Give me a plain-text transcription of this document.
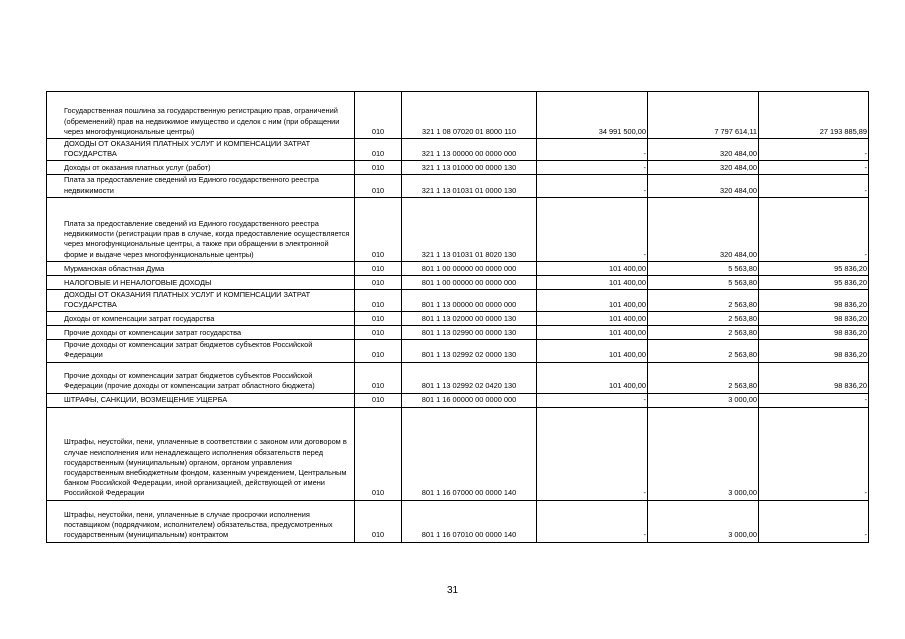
Государственная пошлина за государственную регистрацию прав, ограничений (обременений) прав на недвижимое имущество и сделок с ним (при обращении через многофункциональные центры)	010	321 1 08 07020 01 8000 110	34 991 500,00	7 797 614,11	27 193 885,89
ДОХОДЫ ОТ ОКАЗАНИЯ ПЛАТНЫХ УСЛУГ И КОМПЕНСАЦИИ ЗАТРАТ ГОСУДАРСТВА	010	321 1 13 00000 00 0000 000	-	320 484,00	-
Доходы от оказания платных услуг (работ)	010	321 1 13 01000 00 0000 130	-	320 484,00	-
Плата за предоставление сведений из Единого государственного реестра недвижимости	010	321 1 13 01031 01 0000 130	-	320 484,00	-
Плата за предоставление сведений из Единого государственного реестра недвижимости (регистрации прав в случае, когда предоставление осуществляется через многофункциональные центры, а также при обращении в электронной форме и выдаче через многофункциональные центры)	010	321 1 13 01031 01 8020 130	-	320 484,00	-
Мурманская областная Дума	010	801 1 00 00000 00 0000 000	101 400,00	5 563,80	95 836,20
НАЛОГОВЫЕ И НЕНАЛОГОВЫЕ ДОХОДЫ	010	801 1 00 00000 00 0000 000	101 400,00	5 563,80	95 836,20
ДОХОДЫ ОТ ОКАЗАНИЯ ПЛАТНЫХ УСЛУГ И КОМПЕНСАЦИИ ЗАТРАТ ГОСУДАРСТВА	010	801 1 13 00000 00 0000 000	101 400,00	2 563,80	98 836,20
Доходы от компенсации затрат государства	010	801 1 13 02000 00 0000 130	101 400,00	2 563,80	98 836,20
Прочие доходы от компенсации затрат государства	010	801 1 13 02990 00 0000 130	101 400,00	2 563,80	98 836,20
Прочие доходы от компенсации затрат бюджетов субъектов Российской Федерации	010	801 1 13 02992 02 0000 130	101 400,00	2 563,80	98 836,20
Прочие доходы от компенсации затрат бюджетов субъектов Российской Федерации (прочие доходы от компенсации затрат областного бюджета)	010	801 1 13 02992 02 0420 130	101 400,00	2 563,80	98 836,20
ШТРАФЫ, САНКЦИИ, ВОЗМЕЩЕНИЕ УЩЕРБА	010	801 1 16 00000 00 0000 000	-	3 000,00	-
Штрафы, неустойки, пени, уплаченные в соответствии с законом или договором в случае неисполнения или ненадлежащего исполнения обязательств перед государственным (муниципальным) органом, органом управления государственным внебюджетным фондом, казенным учреждением, Центральным банком Российской Федерации, иной организацией, действующей от имени Российской Федерации	010	801 1 16 07000 00 0000 140	-	3 000,00	-
Штрафы, неустойки, пени, уплаченные в случае просрочки исполнения поставщиком (подрядчиком, исполнителем) обязательства, предусмотренных государственным (муниципальным) контрактом	010	801 1 16 07010 00 0000 140	-	3 000,00	-
31
